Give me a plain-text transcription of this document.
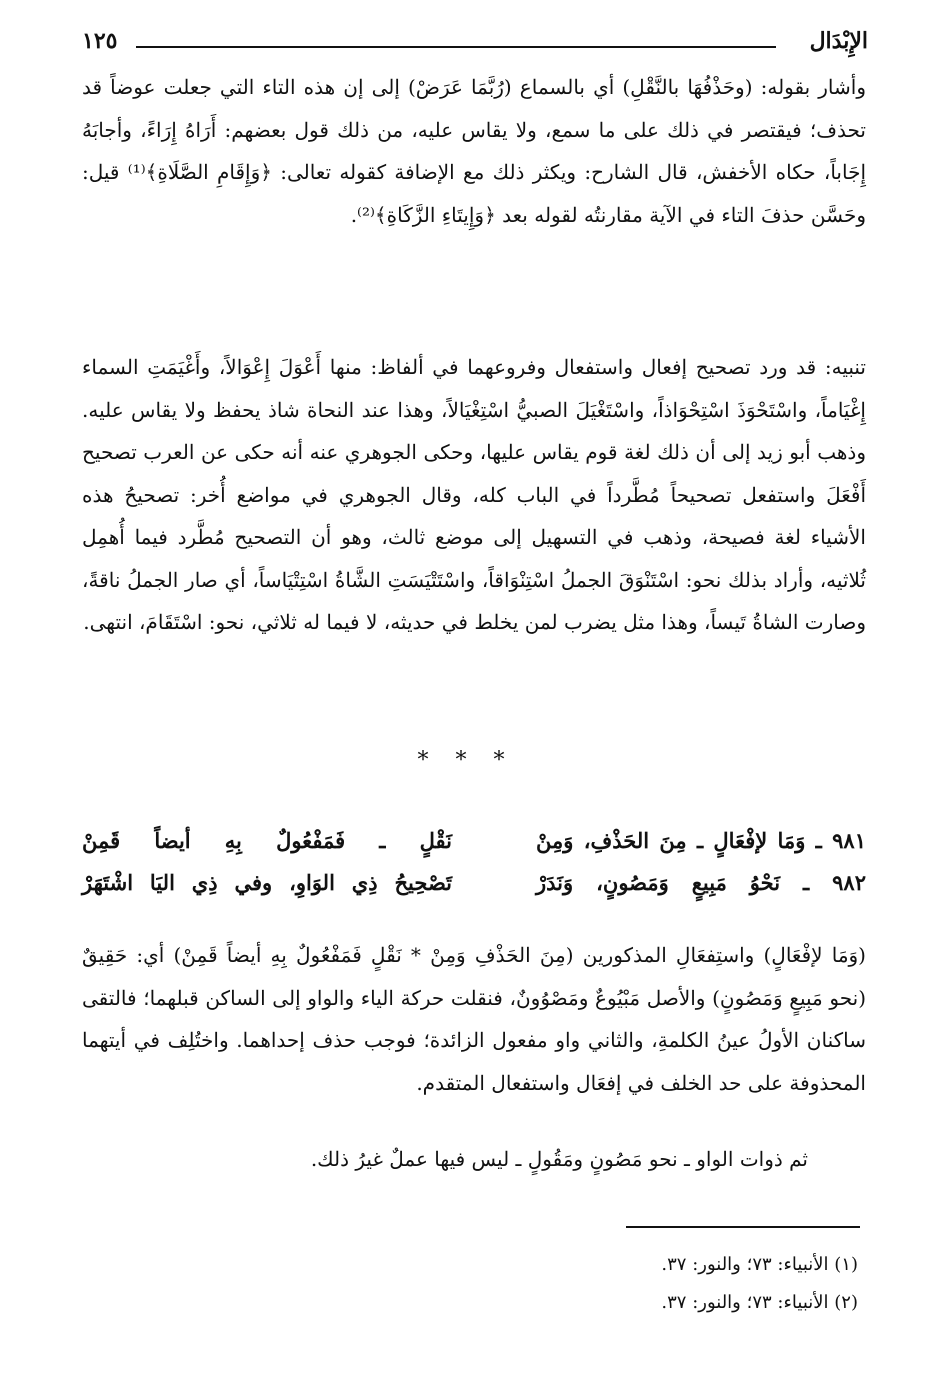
الإِبْدَال
١٢٥

وأشار بقوله: (وحَذْفُهَا بالنَّقْلِ) أي بالسماع (رُبَّمَا عَرَضْ) إلى إن هذه التاء التي جعلت عوضاً قد تحذف؛ فيقتصر في ذلك على ما سمع، ولا يقاس عليه، من ذلك قول بعضهم: أَرَاهُ إِرَاءً، وأجابَهُ إِجَاباً، حكاه الأخفش، قال الشارح: ويكثر ذلك مع الإضافة كقوله تعالى: ﴿وَإِقَامِ الصَّلَاةِ﴾⁽¹⁾ قيل: وحَسَّن حذفَ التاء في الآية مقارنتُه لقوله بعد ﴿وَإِيتَاءِ الزَّكَاةِ﴾⁽²⁾.

تنبيه: قد ورد تصحيح إفعال واستفعال وفروعهما في ألفاظ: منها أَعْوَلَ إِعْوَالاً، وأَغْيَمَتِ السماء إِغْيَاماً، واسْتَحْوَذَ اسْتِحْوَاذاً، واسْتَغْيَلَ الصبيُّ اسْتِغْيَالاً، وهذا عند النحاة شاذ يحفظ ولا يقاس عليه. وذهب أبو زيد إلى أن ذلك لغة قوم يقاس عليها، وحكى الجوهري عنه أنه حكى عن العرب تصحيح أَفْعَلَ واستفعل تصحيحاً مُطَّرداً في الباب كله، وقال الجوهري في مواضع أُخر: تصحيحُ هذه الأشياء لغة فصيحة، وذهب في التسهيل إلى موضع ثالث، وهو أن التصحيح مُطَّرد فيما أُهمِل ثُلاثيه، وأراد بذلك نحو: اسْتَنْوَقَ الجملُ اسْتِنْوَاقاً، واسْتَتْيَسَتِ الشَّاةُ اسْتِتْيَاساً، أي صار الجملُ ناقةً، وصارت الشاةُ تَيساً، وهذا مثل يضرب لمن يخلط في حديثه، لا فيما له ثلاثي، نحو: اسْتَقَامَ، انتهى.

* * *
٩٨١ ـ وَمَا لإفْعَالٍ ـ مِنَ الحَذْفِ، وَمِنْ
نَقْلٍ ـ فَمَفْعُولٌ بِهِ أيضاً قَمِنْ
٩٨٢ ـ نَحْوُ مَبِيعٍ وَمَصُونٍ، وَنَدَرْ
تَصْحِيحُ ذِي الوَاوِ، وفي ذِي اليَا اشْتَهَرْ

(وَمَا لإفْعَالٍ) واستِفعَالِ المذكورين (مِنَ الحَذْفِ وَمِنْ * نَقْلٍ فَمَفْعُولٌ بِهِ أيضاً قَمِنْ) أي: حَقِيقٌ (نحو مَبِيعٍ وَمَصُونٍ) والأصل مَبْيُوعٌ ومَصْوُونٌ، فنقلت حركة الياء والواو إلى الساكن قبلهما؛ فالتقى ساكنان الأولُ عينُ الكلمةِ، والثاني واو مفعول الزائدة؛ فوجب حذف إحداهما. واختُلِف في أيتهما المحذوفة على حد الخلف في إفعَال واستفعال المتقدم.

ثم ذوات الواو ـ نحو مَصُونٍ ومَقُولٍ ـ ليس فيها عملٌ غيرُ ذلك.

(١) الأنبياء: ٧٣؛ والنور: ٣٧.
(٢) الأنبياء: ٧٣؛ والنور: ٣٧.
